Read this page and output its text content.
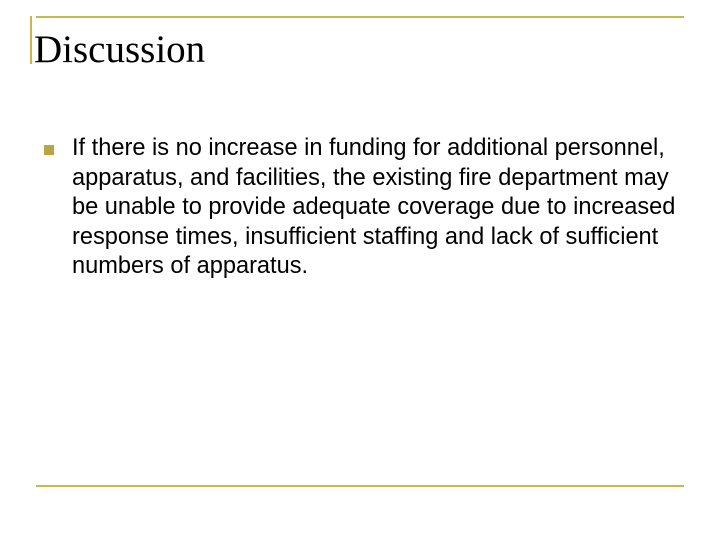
Discussion
If there is no increase in funding for additional personnel, apparatus, and facilities, the existing fire department may be unable to provide adequate coverage due to increased response times, insufficient staffing and lack of sufficient numbers of apparatus.
